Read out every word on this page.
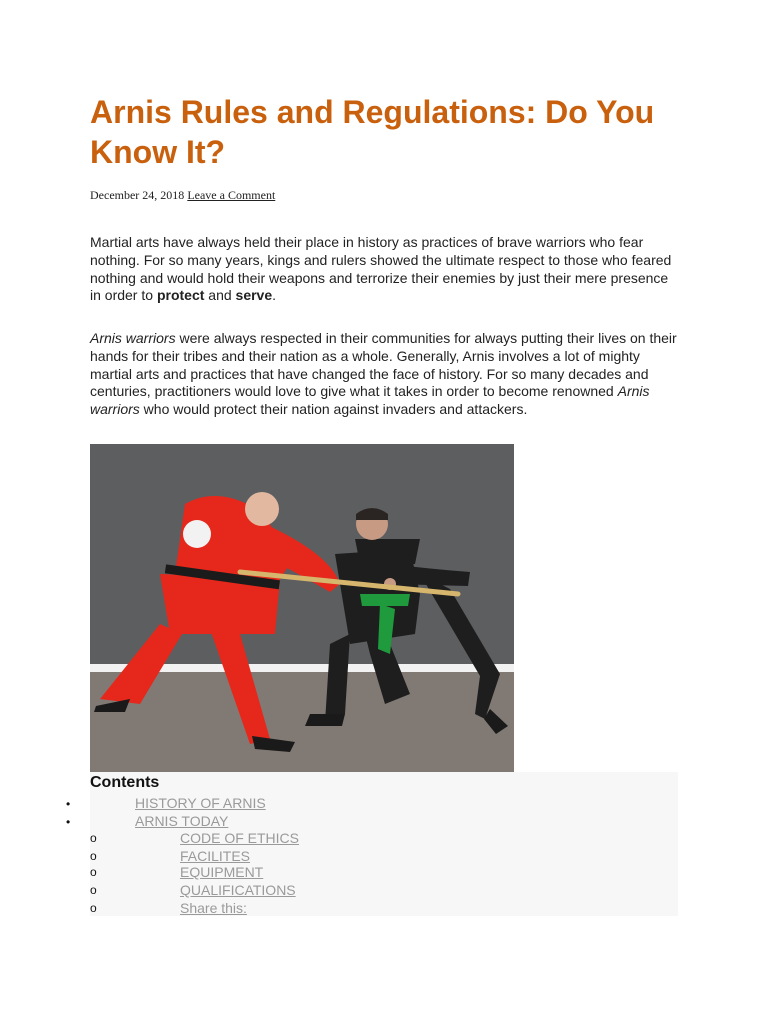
Arnis Rules and Regulations: Do You Know It?
December 24, 2018 Leave a Comment

Martial arts have always held their place in history as practices of brave warriors who fear nothing. For so many years, kings and rulers showed the ultimate respect to those who feared nothing and would hold their weapons and terrorize their enemies by just their mere presence in order to protect and serve.

Arnis warriors were always respected in their communities for always putting their lives on their hands for their tribes and their nation as a whole. Generally, Arnis involves a lot of mighty martial arts and practices that have changed the face of history. For so many decades and centuries, practitioners would love to give what it takes in order to become renowned Arnis warriors who would protect their nation against invaders and attackers.

Contents
•	HISTORY OF ARNIS
•	ARNIS TODAY
o	CODE OF ETHICS
o	FACILITES
o	EQUIPMENT
o	QUALIFICATIONS
o	Share this:
